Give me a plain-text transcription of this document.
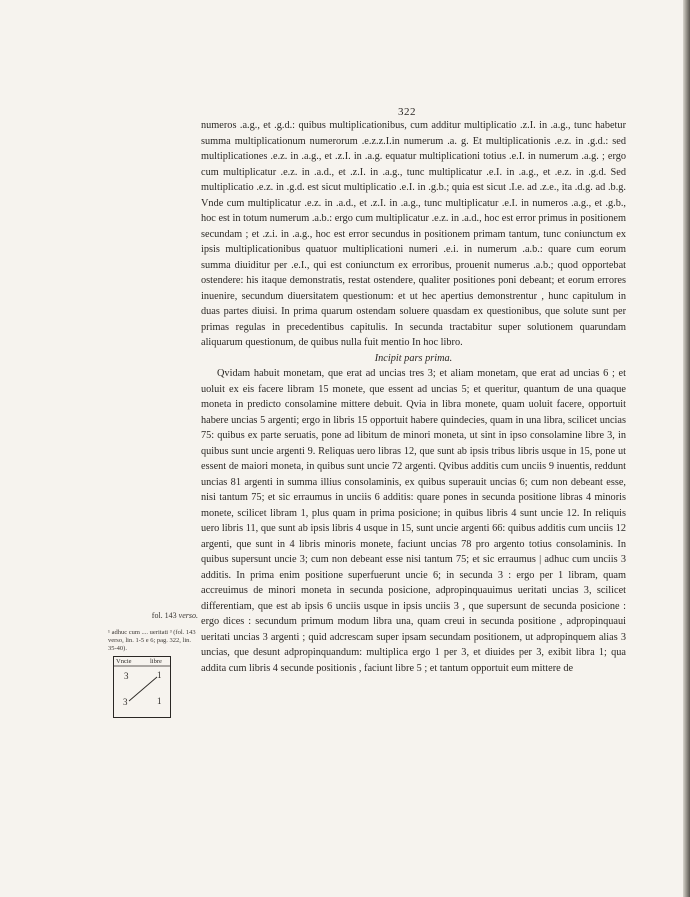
322

numeros .a.g., et .g.d.: quibus multiplicationibus, cum additur multiplicatio .z.I. in .a.g., tunc habetur summa multiplicationum numerorum .e.z.z.I.in numerum .a. g. Et multiplicationis .e.z. in .g.d.: sed multiplicationes .e.z. in .a.g., et .z.I. in .a.g. equatur multiplicationi totius .e.I. in numerum .a.g. ; ergo cum multiplicatur .e.z. in .a.d., et .z.I. in .a.g., tunc multiplicatur .e.I. in .a.g., et .e.z. in .g.d. Sed multiplicatio .e.z. in .g.d. est sicut multiplicatio .e.I. in .g.b.; quia est sicut .I.e. ad .z.e., ita .d.g. ad .b.g. Vnde cum multiplicatur .e.z. in .a.d., et .z.I. in .a.g., tunc multiplicatur .e.I. in numeros .a.g., et .g.b., hoc est in totum numerum .a.b.: ergo cum multiplicatur .e.z. in .a.d., hoc est error primus in positionem secundam ; et .z.i. in .a.g., hoc est error secundus in positionem primam tantum, tunc coniunctum ex ipsis multiplicationibus quatuor multiplicationi numeri .e.i. in numerum .a.b.: quare cum eorum summa diuiditur per .e.I., qui est coniunctum ex erroribus, prouenit numerus .a.b.; quod opportebat ostendere: his itaque demonstratis, restat ostendere, qualiter positiones poni debeant; et eorum errores inuenire, secundum diuersitatem questionum: et ut hec apertius demonstrentur , hunc capitulum in duas partes diuisi. In prima quarum ostendam soluere quasdam ex questionibus, que solute sunt per primas regulas in precedentibus capitulis. In secunda tractabitur super solutionem quarundam aliquarum questionum, de quibus nulla fuit mentio In hoc libro.

Incipit pars prima.

Qvidam habuit monetam, que erat ad uncias tres 3; et aliam monetam, que erat ad uncias 6 ; et uoluit ex eis facere libram 15 monete, que essent ad uncias 5; et queritur, quantum de una quaque moneta in predicto consolamine mittere debuit. Qvia in libra monete, quam uoluit facere, opportuit habere uncias 5 argenti; ergo in libris 15 opportuit habere quindecies, quam in una libra, scilicet uncias 75: quibus ex parte seruatis, pone ad libitum de minori moneta, ut sint in ipso consolamine libre 3, in quibus sunt uncie argenti 9. Reliquas uero libras 12, que sunt ab ipsis tribus libris usque in 15, pone ut essent de maiori moneta, in quibus sunt uncie 72 argenti. Qvibus additis cum unciis 9 inuentis, reddunt uncias 81 argenti in summa illius consolaminis, ex quibus superauit uncias 6; cum non debeant esse, nisi tantum 75; et sic erraumus in unciis 6 additis: quare pones in secunda positione libras 4 minoris monete, scilicet libram 1, plus quam in prima posicione; in quibus libris 4 sunt uncie 12. In reliquis uero libris 11, que sunt ab ipsis libris 4 usque in 15, sunt uncie argenti 66: quibus additis cum unciis 12 argenti, que sunt in 4 libris minoris monete, faciunt uncias 78 pro argento totius consolaminis. In quibus supersunt uncie 3; cum non debeant esse nisi tantum 75; et sic erraumus | adhuc cum unciis 3 additis. In prima enim positione superfuerunt uncie 6; in secunda 3 : ergo per 1 libram, quam accreuimus de minori moneta in secunda posicione, adpropinquauimus ueritati uncias 3, scilicet differentiam, que est ab ipsis 6 unciis usque in ipsis unciis 3 , que supersunt de secunda posicione : ergo dices : secundum primum modum libra una, quam creui in secunda positione , adpropinquaui ueritati uncias 3 argenti ; quid adcrescam super ipsam secundam positionem, ut adpropinquem alias 3 uncias, que desunt adpropinquandum: multiplica ergo 1 per 3, et diuides per 3, exibit libra 1; qua addita cum libris 4 secunde positionis , faciunt libre 5 ; et tantum opportuit eum mittere de

fol. 143 verso.
¹ adhuc cum .... ueritati ³ (fol. 143 verso, lin. 1-5 e 6; pag. 322, lin. 35-40).
Vncie	libre
3	1
3	1
